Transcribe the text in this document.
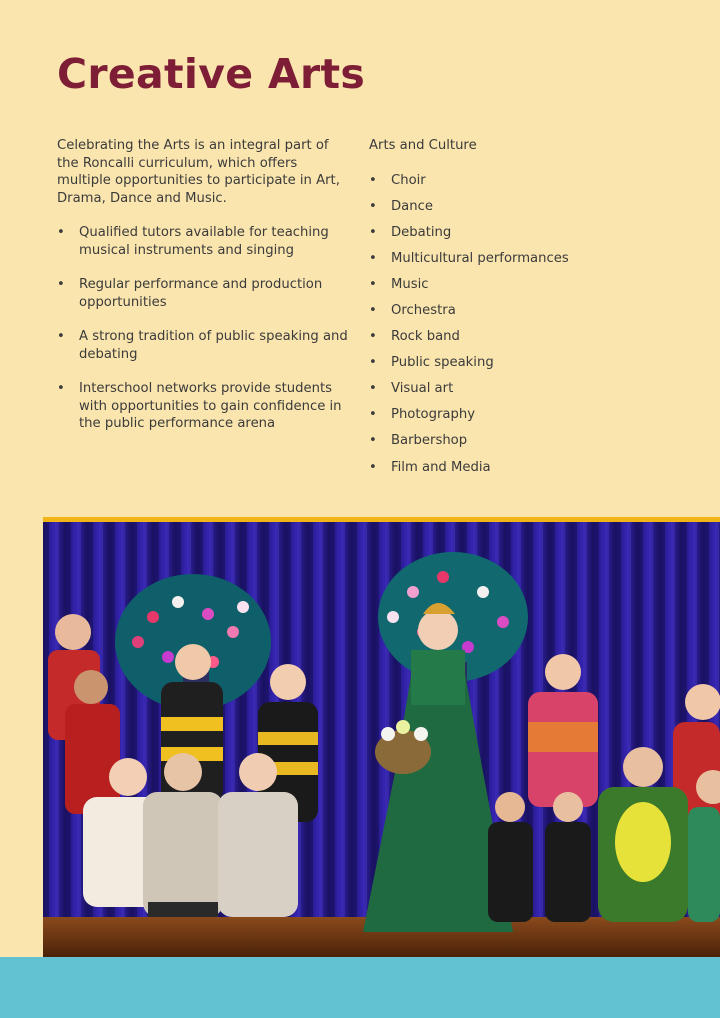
Creative Arts

Celebrating the Arts is an integral part of the Roncalli curriculum, which offers multiple opportunities to participate in Art, Drama, Dance and Music.

• Qualified tutors available for teaching musical instruments and singing
• Regular performance and production opportunities
• A strong tradition of public speaking and debating
• Interschool networks provide students with opportunities to gain confidence in the public performance arena

Arts and Culture

• Choir
• Dance
• Debating
• Multicultural performances
• Music
• Orchestra
• Rock band
• Public speaking
• Visual art
• Photography
• Barbershop
• Film and Media
